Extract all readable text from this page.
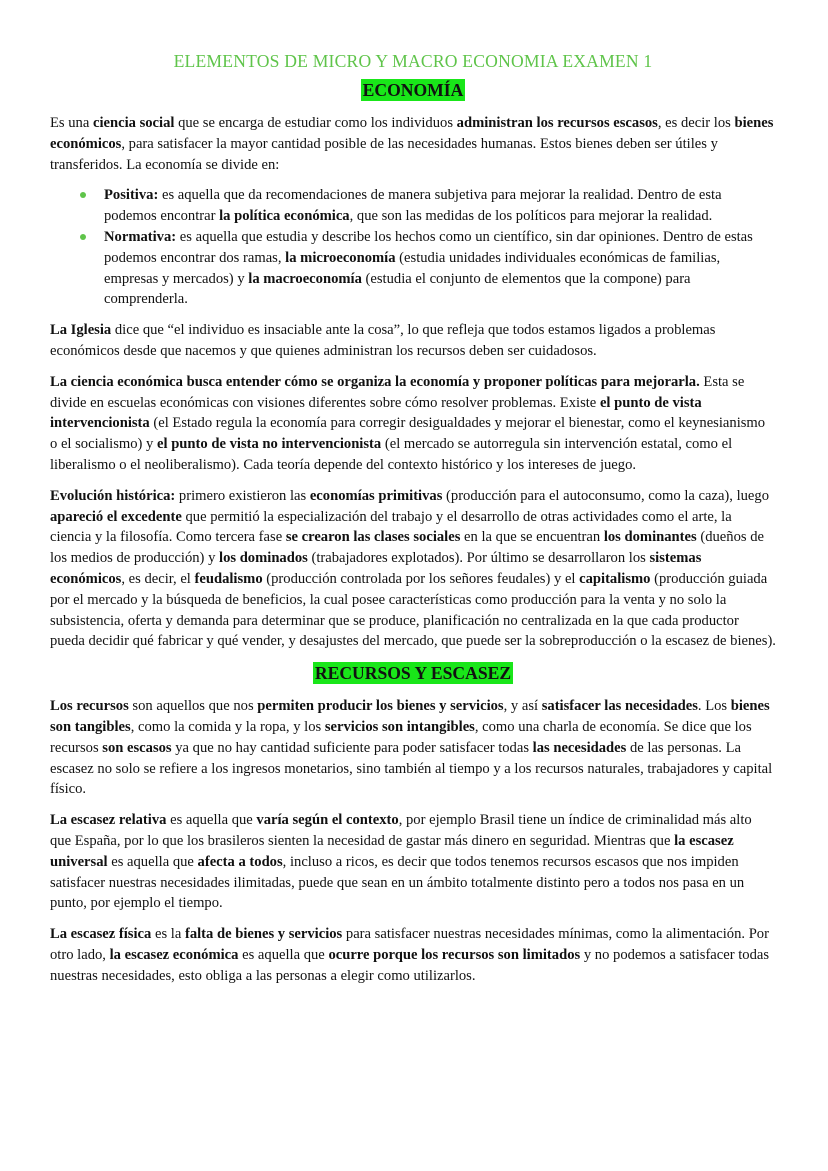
ELEMENTOS DE MICRO Y MACRO ECONOMIA EXAMEN 1
ECONOMÍA

Es una ciencia social que se encarga de estudiar como los individuos administran los recursos escasos, es decir los bienes económicos, para satisfacer la mayor cantidad posible de las necesidades humanas. Estos bienes deben ser útiles y transferidos. La economía se divide en:

Positiva: es aquella que da recomendaciones de manera subjetiva para mejorar la realidad. Dentro de esta podemos encontrar la política económica, que son las medidas de los políticos para mejorar la realidad.
Normativa: es aquella que estudia y describe los hechos como un científico, sin dar opiniones. Dentro de estas podemos encontrar dos ramas, la microeconomía (estudia unidades individuales económicas de familias, empresas y mercados) y la macroeconomía (estudia el conjunto de elementos que la compone) para comprenderla.

La Iglesia dice que “el individuo es insaciable ante la cosa”, lo que refleja que todos estamos ligados a problemas económicos desde que nacemos y que quienes administran los recursos deben ser cuidadosos.

La ciencia económica busca entender cómo se organiza la economía y proponer políticas para mejorarla. Esta se divide en escuelas económicas con visiones diferentes sobre cómo resolver problemas. Existe el punto de vista intervencionista (el Estado regula la economía para corregir desigualdades y mejorar el bienestar, como el keynesianismo o el socialismo) y el punto de vista no intervencionista (el mercado se autorregula sin intervención estatal, como el liberalismo o el neoliberalismo). Cada teoría depende del contexto histórico y los intereses de juego.

Evolución histórica: primero existieron las economías primitivas (producción para el autoconsumo, como la caza), luego apareció el excedente que permitió la especialización del trabajo y el desarrollo de otras actividades como el arte, la ciencia y la filosofía. Como tercera fase se crearon las clases sociales en la que se encuentran los dominantes (dueños de los medios de producción) y los dominados (trabajadores explotados). Por último se desarrollaron los sistemas económicos, es decir, el feudalismo (producción controlada por los señores feudales) y el capitalismo (producción guiada por el mercado y la búsqueda de beneficios, la cual posee características como producción para la venta y no solo la subsistencia, oferta y demanda para determinar que se produce, planificación no centralizada en la que cada productor pueda decidir qué fabricar y qué vender, y desajustes del mercado, que puede ser la sobreproducción o la escasez de bienes).

RECURSOS Y ESCASEZ

Los recursos son aquellos que nos permiten producir los bienes y servicios, y así satisfacer las necesidades. Los bienes son tangibles, como la comida y la ropa, y los servicios son intangibles, como una charla de economía. Se dice que los recursos son escasos ya que no hay cantidad suficiente para poder satisfacer todas las necesidades de las personas. La escasez no solo se refiere a los ingresos monetarios, sino también al tiempo y a los recursos naturales, trabajadores y capital físico.

La escasez relativa es aquella que varía según el contexto, por ejemplo Brasil tiene un índice de criminalidad más alto que España, por lo que los brasileros sienten la necesidad de gastar más dinero en seguridad. Mientras que la escasez universal es aquella que afecta a todos, incluso a ricos, es decir que todos tenemos recursos escasos que nos impiden satisfacer nuestras necesidades ilimitadas, puede que sean en un ámbito totalmente distinto pero a todos nos pasa en un punto, por ejemplo el tiempo.

La escasez física es la falta de bienes y servicios para satisfacer nuestras necesidades mínimas, como la alimentación. Por otro lado, la escasez económica es aquella que ocurre porque los recursos son limitados y no podemos a satisfacer todas nuestras necesidades, esto obliga a las personas a elegir como utilizarlos.
